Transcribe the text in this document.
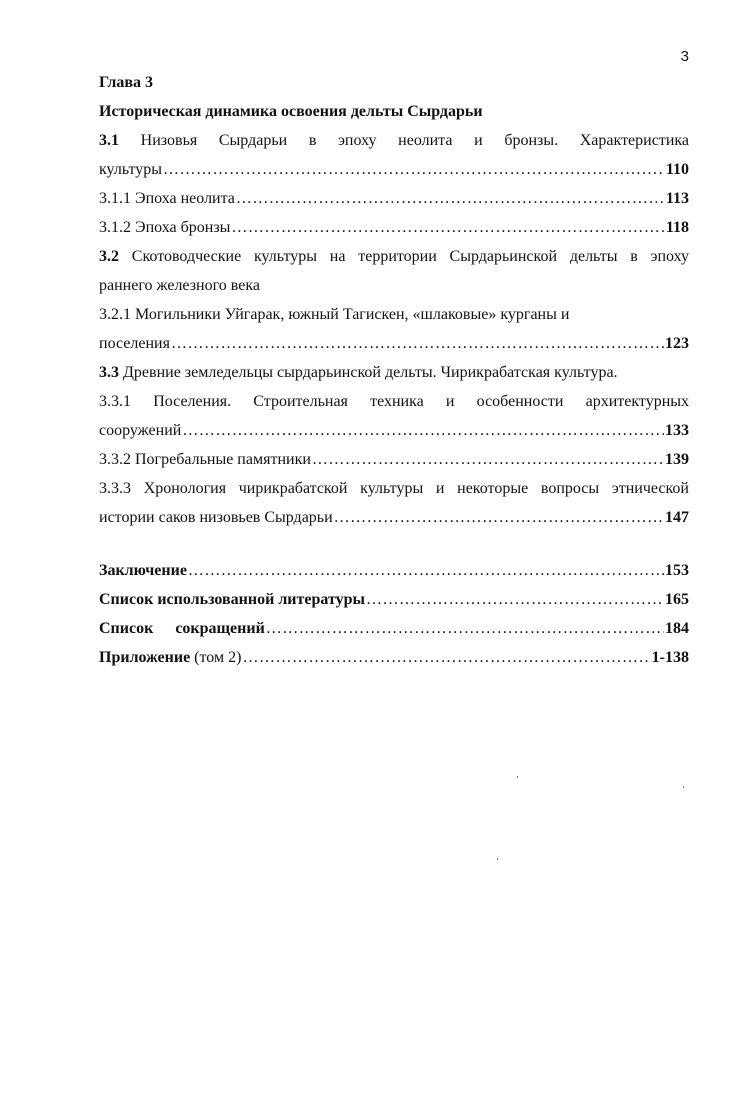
3
Глава 3
Историческая динамика освоения дельты Сырдарьи
3.1 Низовья Сырдарьи в эпоху неолита и бронзы. Характеристика
культуры …………………………………………………………………………………………………………………………………………	110
3.1.1 Эпоха неолита …………………………………………………………………………………………………………………………………………	113
3.1.2 Эпоха бронзы …………………………………………………………………………………………………………………………………………	118
3.2 Скотоводческие культуры на территории Сырдарьинской дельты в эпоху
раннего железного века
3.2.1 Могильники Уйгарак, южный Тагискен, «шлаковые» курганы и
поселения …………………………………………………………………………………………………………………………………………	123
3.3 Древние земледельцы сырдарьинской дельты. Чирикрабатская культура.
3.3.1 Поселения. Строительная техника и особенности архитектурных
сооружений …………………………………………………………………………………………………………………………………………	133
3.3.2 Погребальные памятники …………………………………………………………………………………………………………………………………………	139
3.3.3 Хронология чирикрабатской культуры и некоторые вопросы этнической
истории саков низовьев Сырдарьи …………………………………………………………………………………………………………………………………………	147
Заключение …………………………………………………………………………………………………………………………………………	153
Список использованной литературы …………………………………………………………………………………………………………………………………………	165
Список сокращений …………………………………………………………………………………………………………………………………………	184
Приложение (том 2) …………………………………………………………………………………………………………………………………………	1-138
